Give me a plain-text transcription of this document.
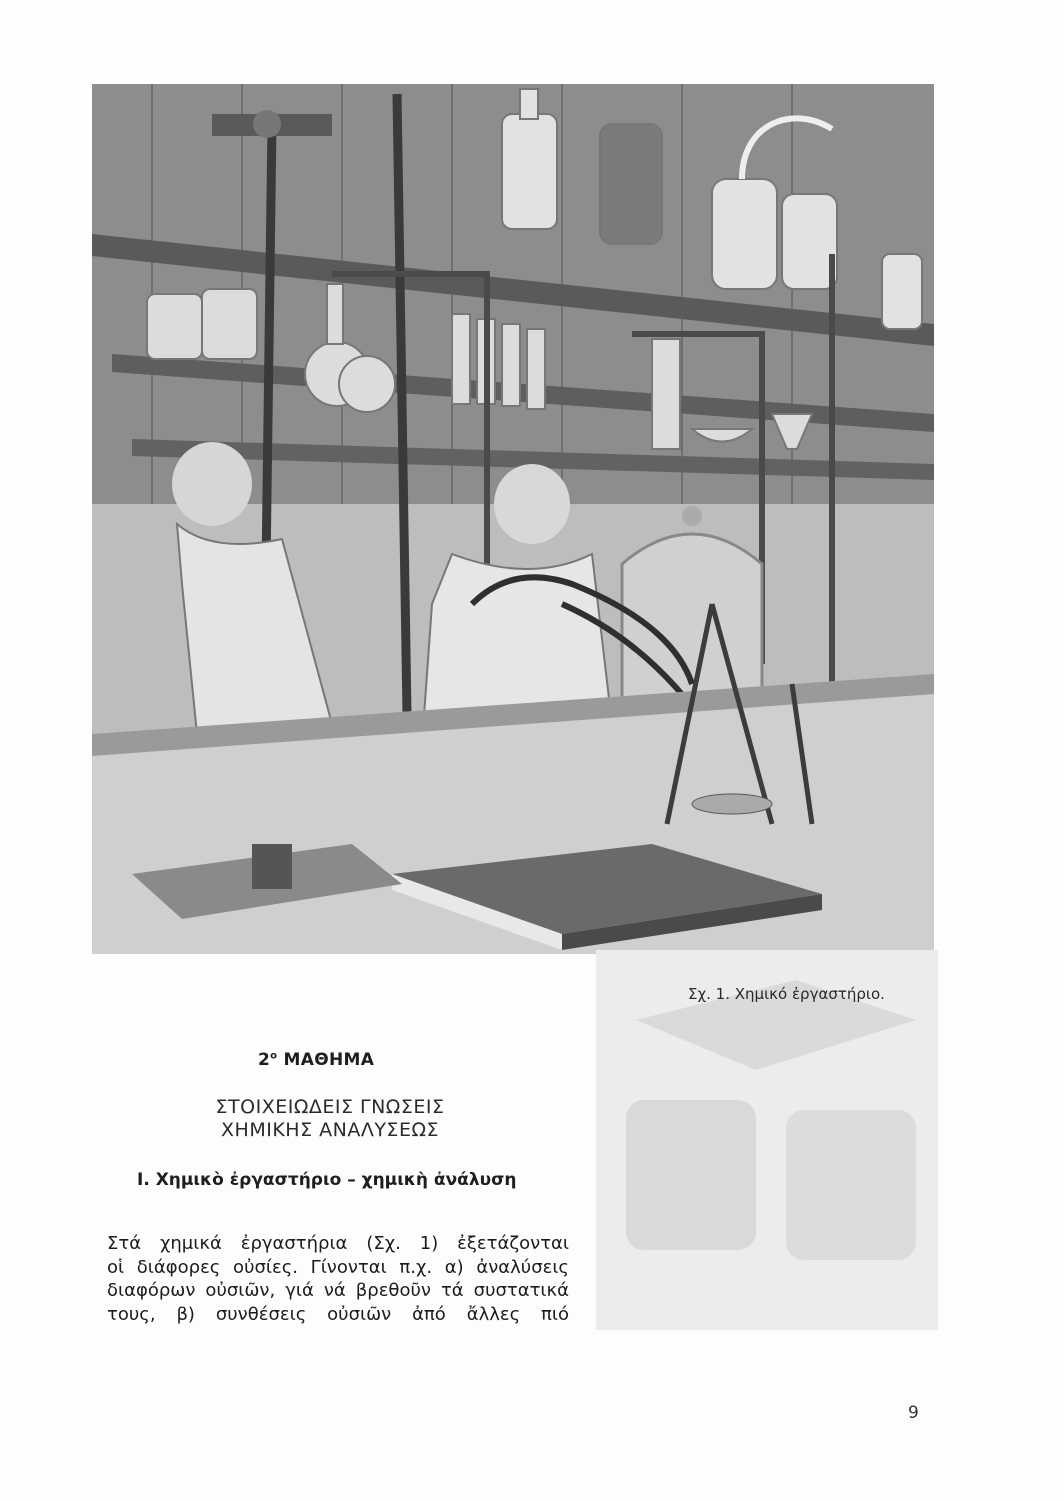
Σχ. 1. Χημικό ἐργαστήριο.
$2^o$ ΜΑΘΗΜΑ
ΣΤΟΙΧΕΙΩΔΕΙΣ ΓΝΩΣΕΙΣ
ΧΗΜΙΚΗΣ ΑΝΑΛΥΣΕΩΣ
Ι. Χημικὸ ἐργαστήριο – χημικὴ ἀνάλυση
Στά χημικά ἐργαστήρια (Σχ. 1) ἐξετάζονται
οἱ διάφορες οὐσίες. Γίνονται π.χ. α) ἀναλύσεις
διαφόρων οὐσιῶν, γιά νά βρεθοῦν τά συστατικά
τους, β) συνθέσεις οὐσιῶν ἀπό ἄλλες πιό
9
